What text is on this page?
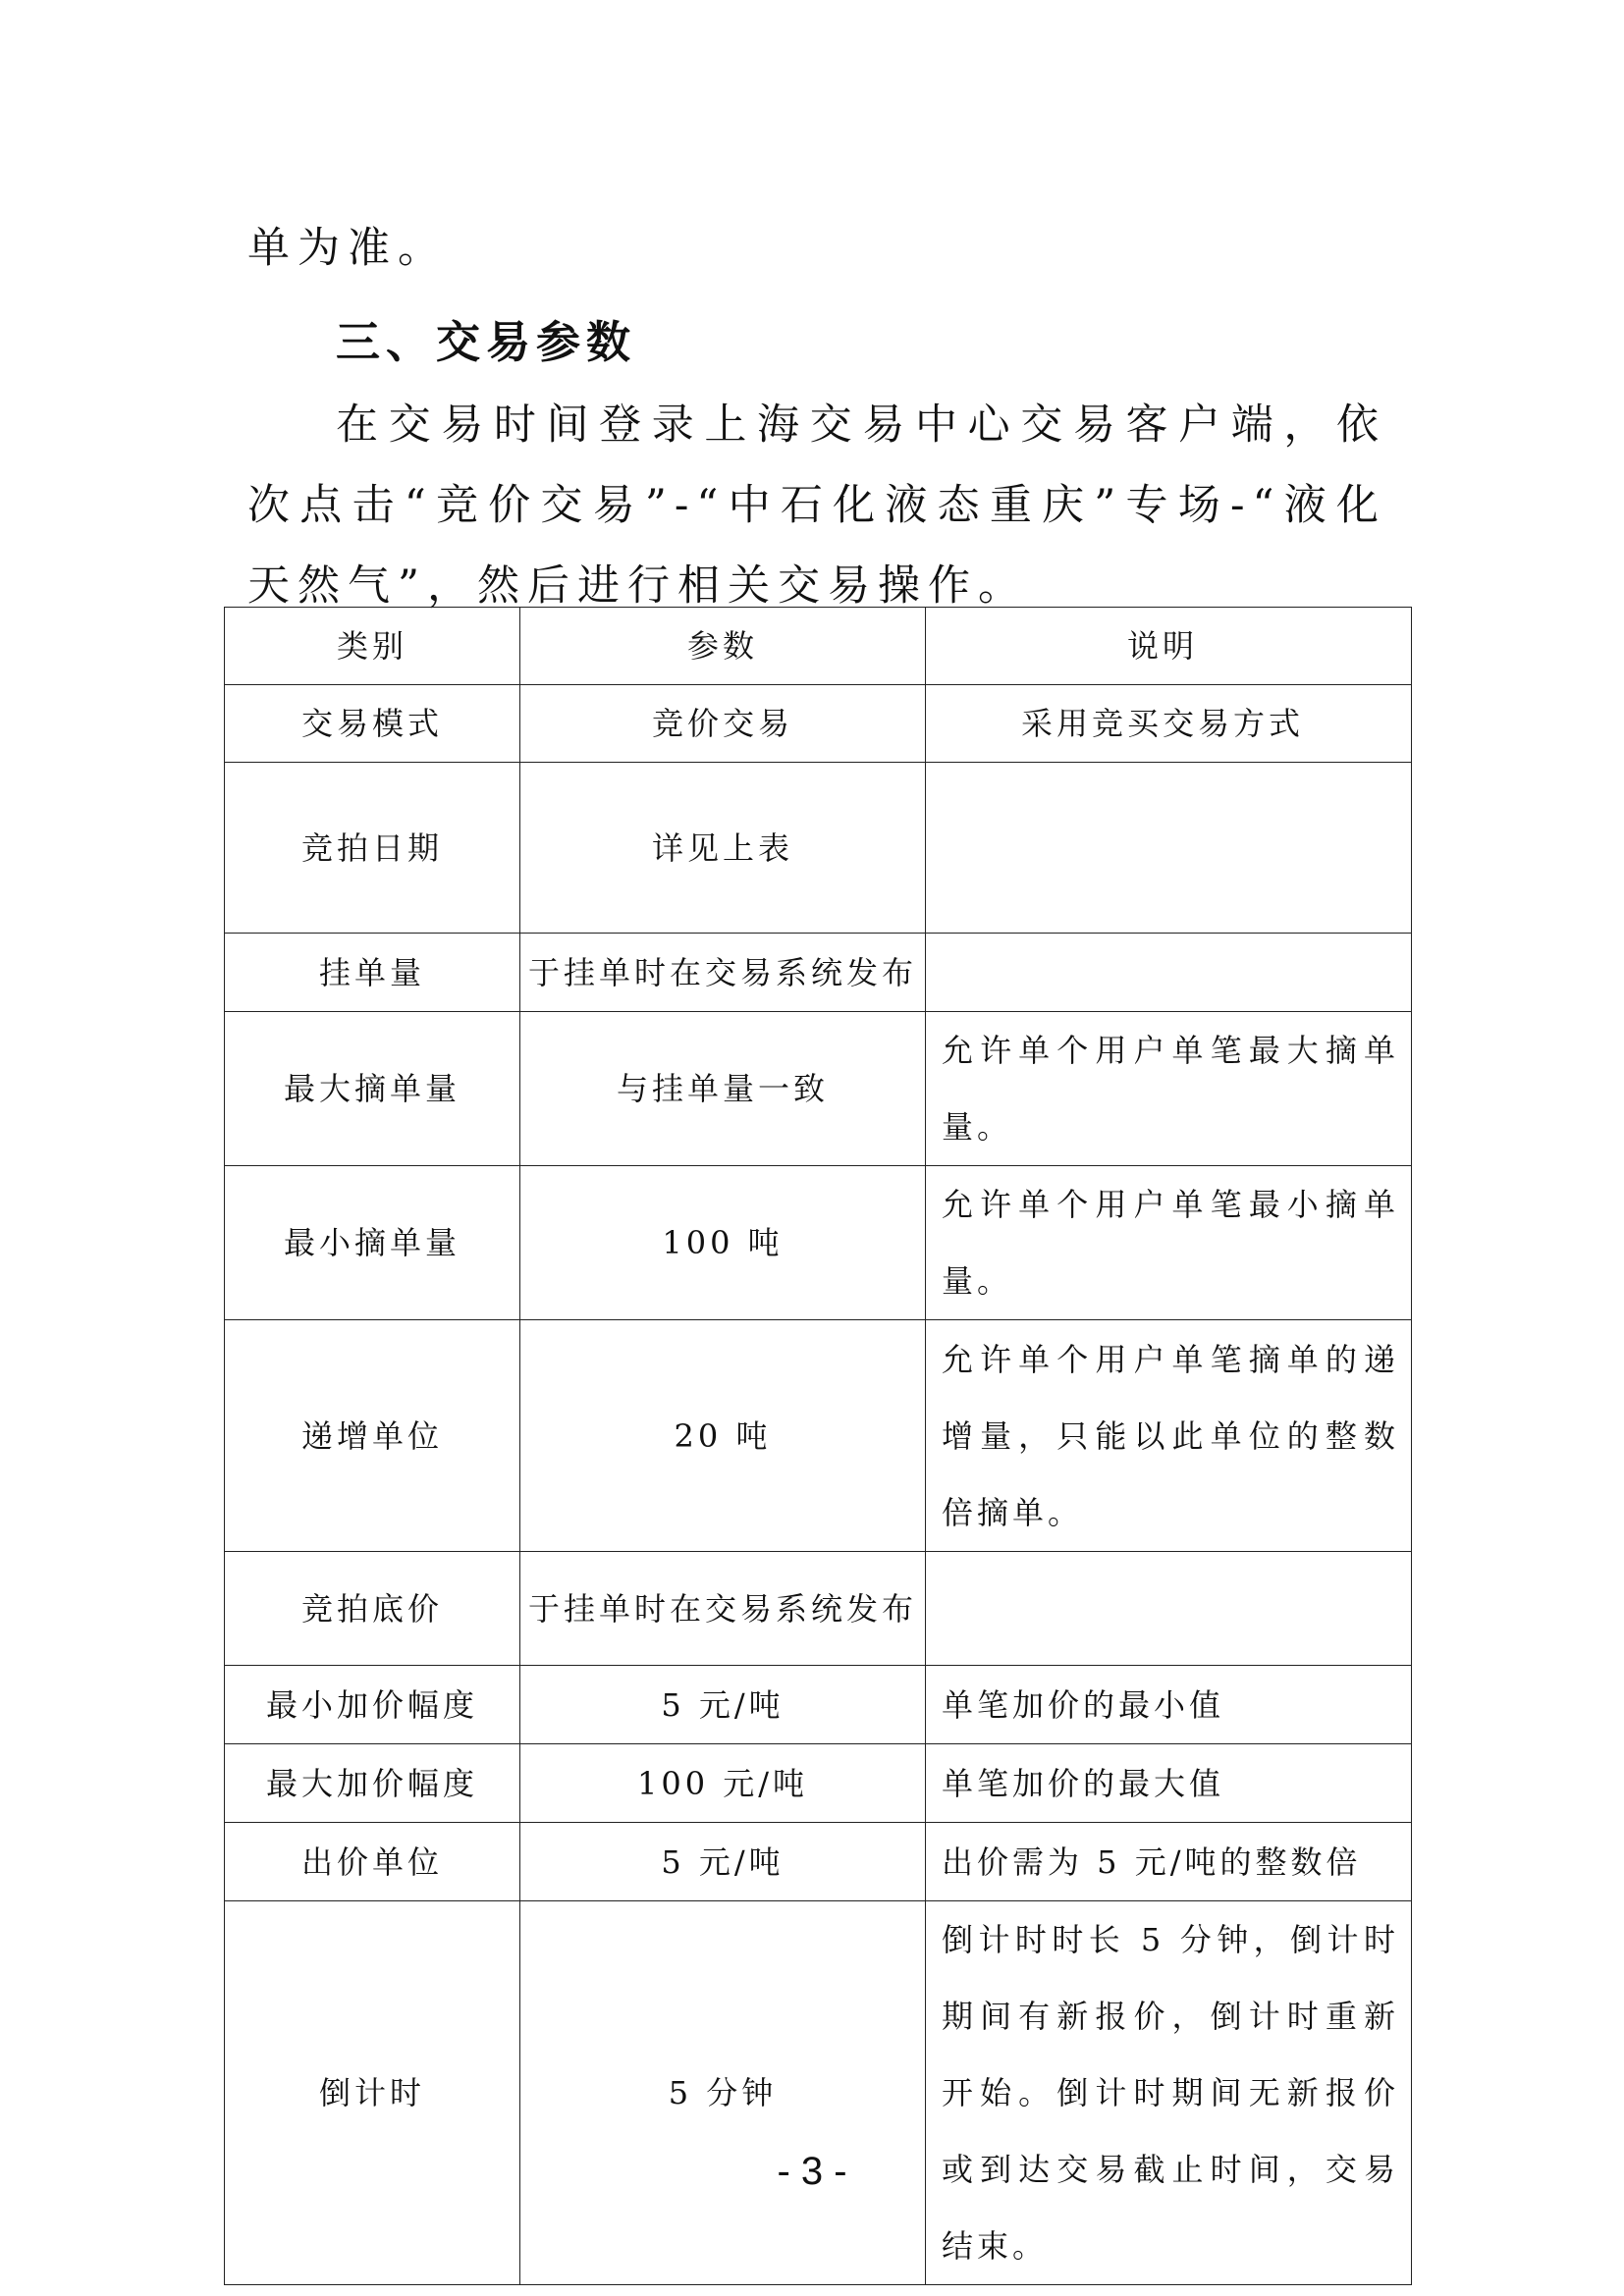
单为准。

三、交易参数

在交易时间登录上海交易中心交易客户端，依次点击“竞价交易”-“中石化液态重庆”专场-“液化天然气”，然后进行相关交易操作。

类别	参数	说明
交易模式	竞价交易	采用竞买交易方式
竞拍日期	详见上表	
挂单量	于挂单时在交易系统发布	
最大摘单量	与挂单量一致	允许单个用户单笔最大摘单量。
最小摘单量	100 吨	允许单个用户单笔最小摘单量。
递增单位	20 吨	允许单个用户单笔摘单的递增量，只能以此单位的整数倍摘单。
竞拍底价	于挂单时在交易系统发布	
最小加价幅度	5 元/吨	单笔加价的最小值
最大加价幅度	100 元/吨	单笔加价的最大值
出价单位	5 元/吨	出价需为 5 元/吨的整数倍
倒计时	5 分钟	倒计时时长 5 分钟，倒计时期间有新报价，倒计时重新开始。倒计时期间无新报价或到达交易截止时间，交易结束。
- 3 -
